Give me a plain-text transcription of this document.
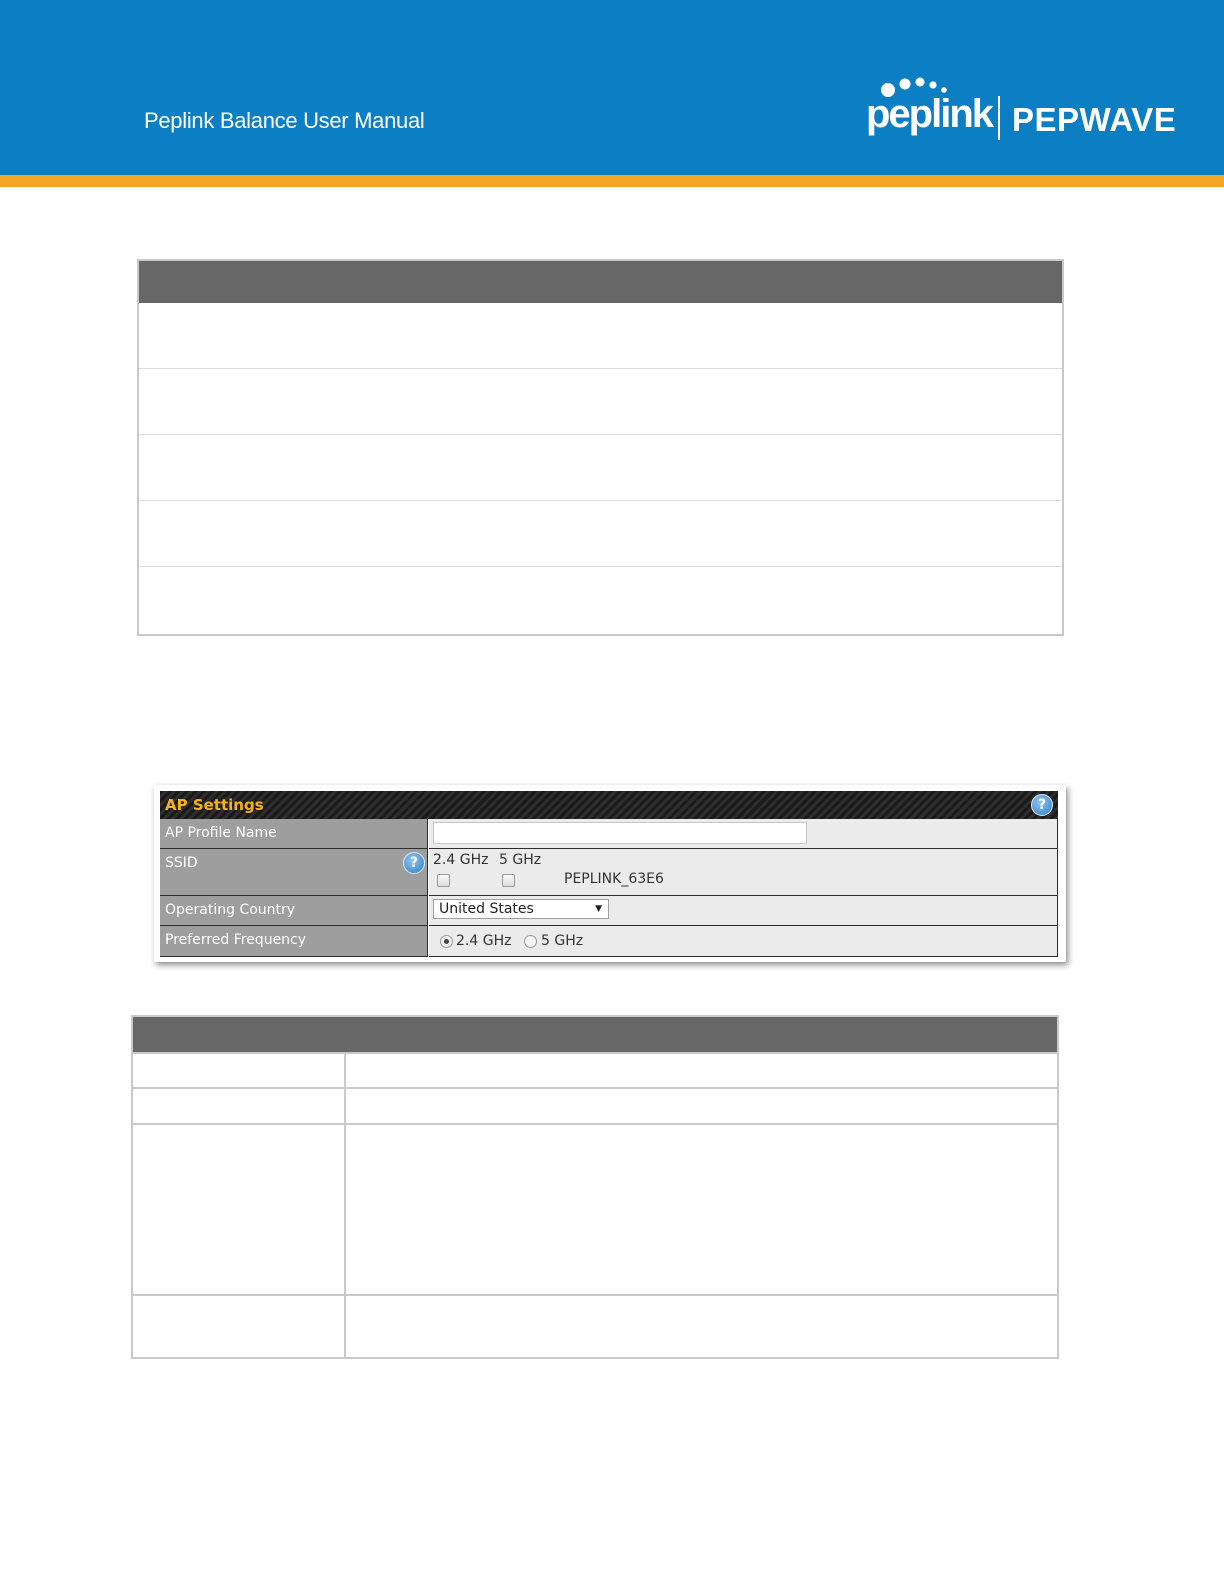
Peplink Balance User Manual	peplink PEPWAVE
AP Settings	?
AP Profile Name
SSID	?	2.4 GHz 5 GHz
PEPLINK_63E6
Operating Country	United States	▼
Preferred Frequency	2.4 GHz 5 GHz
